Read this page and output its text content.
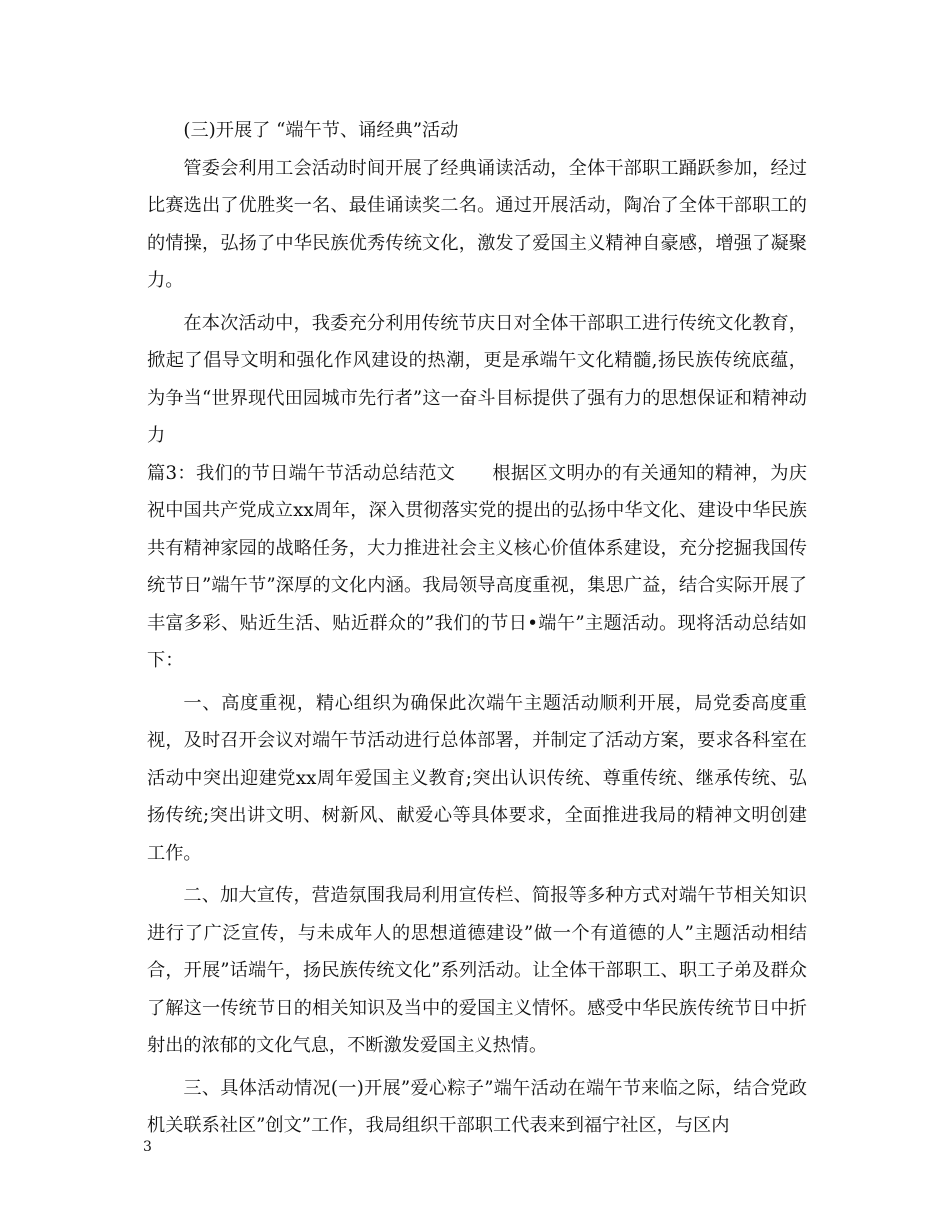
(三)开展了 “端午节、诵经典”活动

管委会利用工会活动时间开展了经典诵读活动，全体干部职工踊跃参加，经过比赛选出了优胜奖一名、最佳诵读奖二名。通过开展活动，陶冶了全体干部职工的的情操，弘扬了中华民族优秀传统文化，激发了爱国主义精神自豪感，增强了凝聚力。

在本次活动中，我委充分利用传统节庆日对全体干部职工进行传统文化教育，掀起了倡导文明和强化作风建设的热潮，更是承端午文化精髓,扬民族传统底蕴，为争当“世界现代田园城市先行者”这一奋斗目标提供了强有力的思想保证和精神动力

篇3：我们的节日端午节活动总结范文　　根据区文明办的有关通知的精神，为庆祝中国共产党成立xx周年，深入贯彻落实党的提出的弘扬中华文化、建设中华民族共有精神家园的战略任务，大力推进社会主义核心价值体系建设，充分挖掘我国传统节日”端午节”深厚的文化内涵。我局领导高度重视，集思广益，结合实际开展了丰富多彩、贴近生活、贴近群众的”我们的节日•端午”主题活动。现将活动总结如下：

一、高度重视，精心组织为确保此次端午主题活动顺利开展，局党委高度重视，及时召开会议对端午节活动进行总体部署，并制定了活动方案，要求各科室在活动中突出迎建党xx周年爱国主义教育;突出认识传统、尊重传统、继承传统、弘扬传统;突出讲文明、树新风、献爱心等具体要求，全面推进我局的精神文明创建工作。

二、加大宣传，营造氛围我局利用宣传栏、简报等多种方式对端午节相关知识进行了广泛宣传，与未成年人的思想道德建设”做一个有道德的人”主题活动相结合，开展”话端午，扬民族传统文化”系列活动。让全体干部职工、职工子弟及群众了解这一传统节日的相关知识及当中的爱国主义情怀。感受中华民族传统节日中折射出的浓郁的文化气息，不断激发爱国主义热情。

三、具体活动情况(一)开展”爱心粽子”端午活动在端午节来临之际，结合党政机关联系社区”创文”工作，我局组织干部职工代表来到福宁社区，与区内

3
